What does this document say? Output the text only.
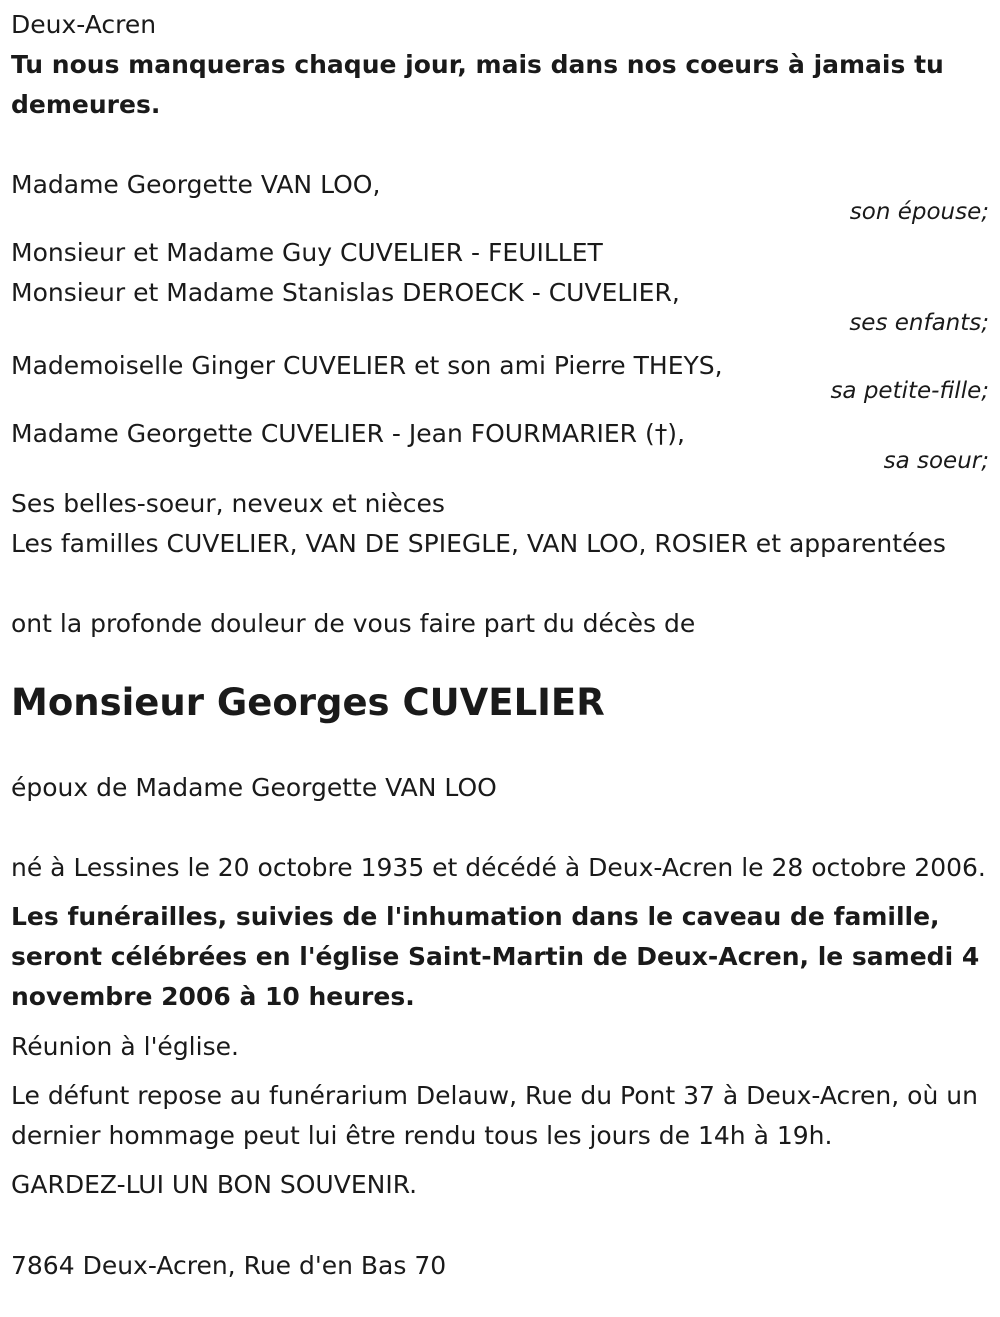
Deux-Acren

Tu nous manqueras chaque jour, mais dans nos coeurs à jamais tu demeures.

Madame Georgette VAN LOO,

son épouse;

Monsieur et Madame Guy CUVELIER - FEUILLET

Monsieur et Madame Stanislas DEROECK - CUVELIER,

ses enfants;

Mademoiselle Ginger CUVELIER et son ami Pierre THEYS,

sa petite-fille;

Madame Georgette CUVELIER - Jean FOURMARIER (†),

sa soeur;

Ses belles-soeur, neveux et nièces

Les familles CUVELIER, VAN DE SPIEGLE, VAN LOO, ROSIER et apparentées

ont la profonde douleur de vous faire part du décès de

Monsieur Georges CUVELIER

époux de Madame Georgette VAN LOO

né à Lessines le 20 octobre 1935 et décédé à Deux-Acren le 28 octobre 2006.

Les funérailles, suivies de l'inhumation dans le caveau de famille, seront célébrées en l'église Saint-Martin de Deux-Acren, le samedi 4 novembre 2006 à 10 heures.

Réunion à l'église.

Le défunt repose au funérarium Delauw, Rue du Pont 37 à Deux-Acren, où un dernier hommage peut lui être rendu tous les jours de 14h à 19h.

GARDEZ-LUI UN BON SOUVENIR.

7864 Deux-Acren, Rue d'en Bas 70
